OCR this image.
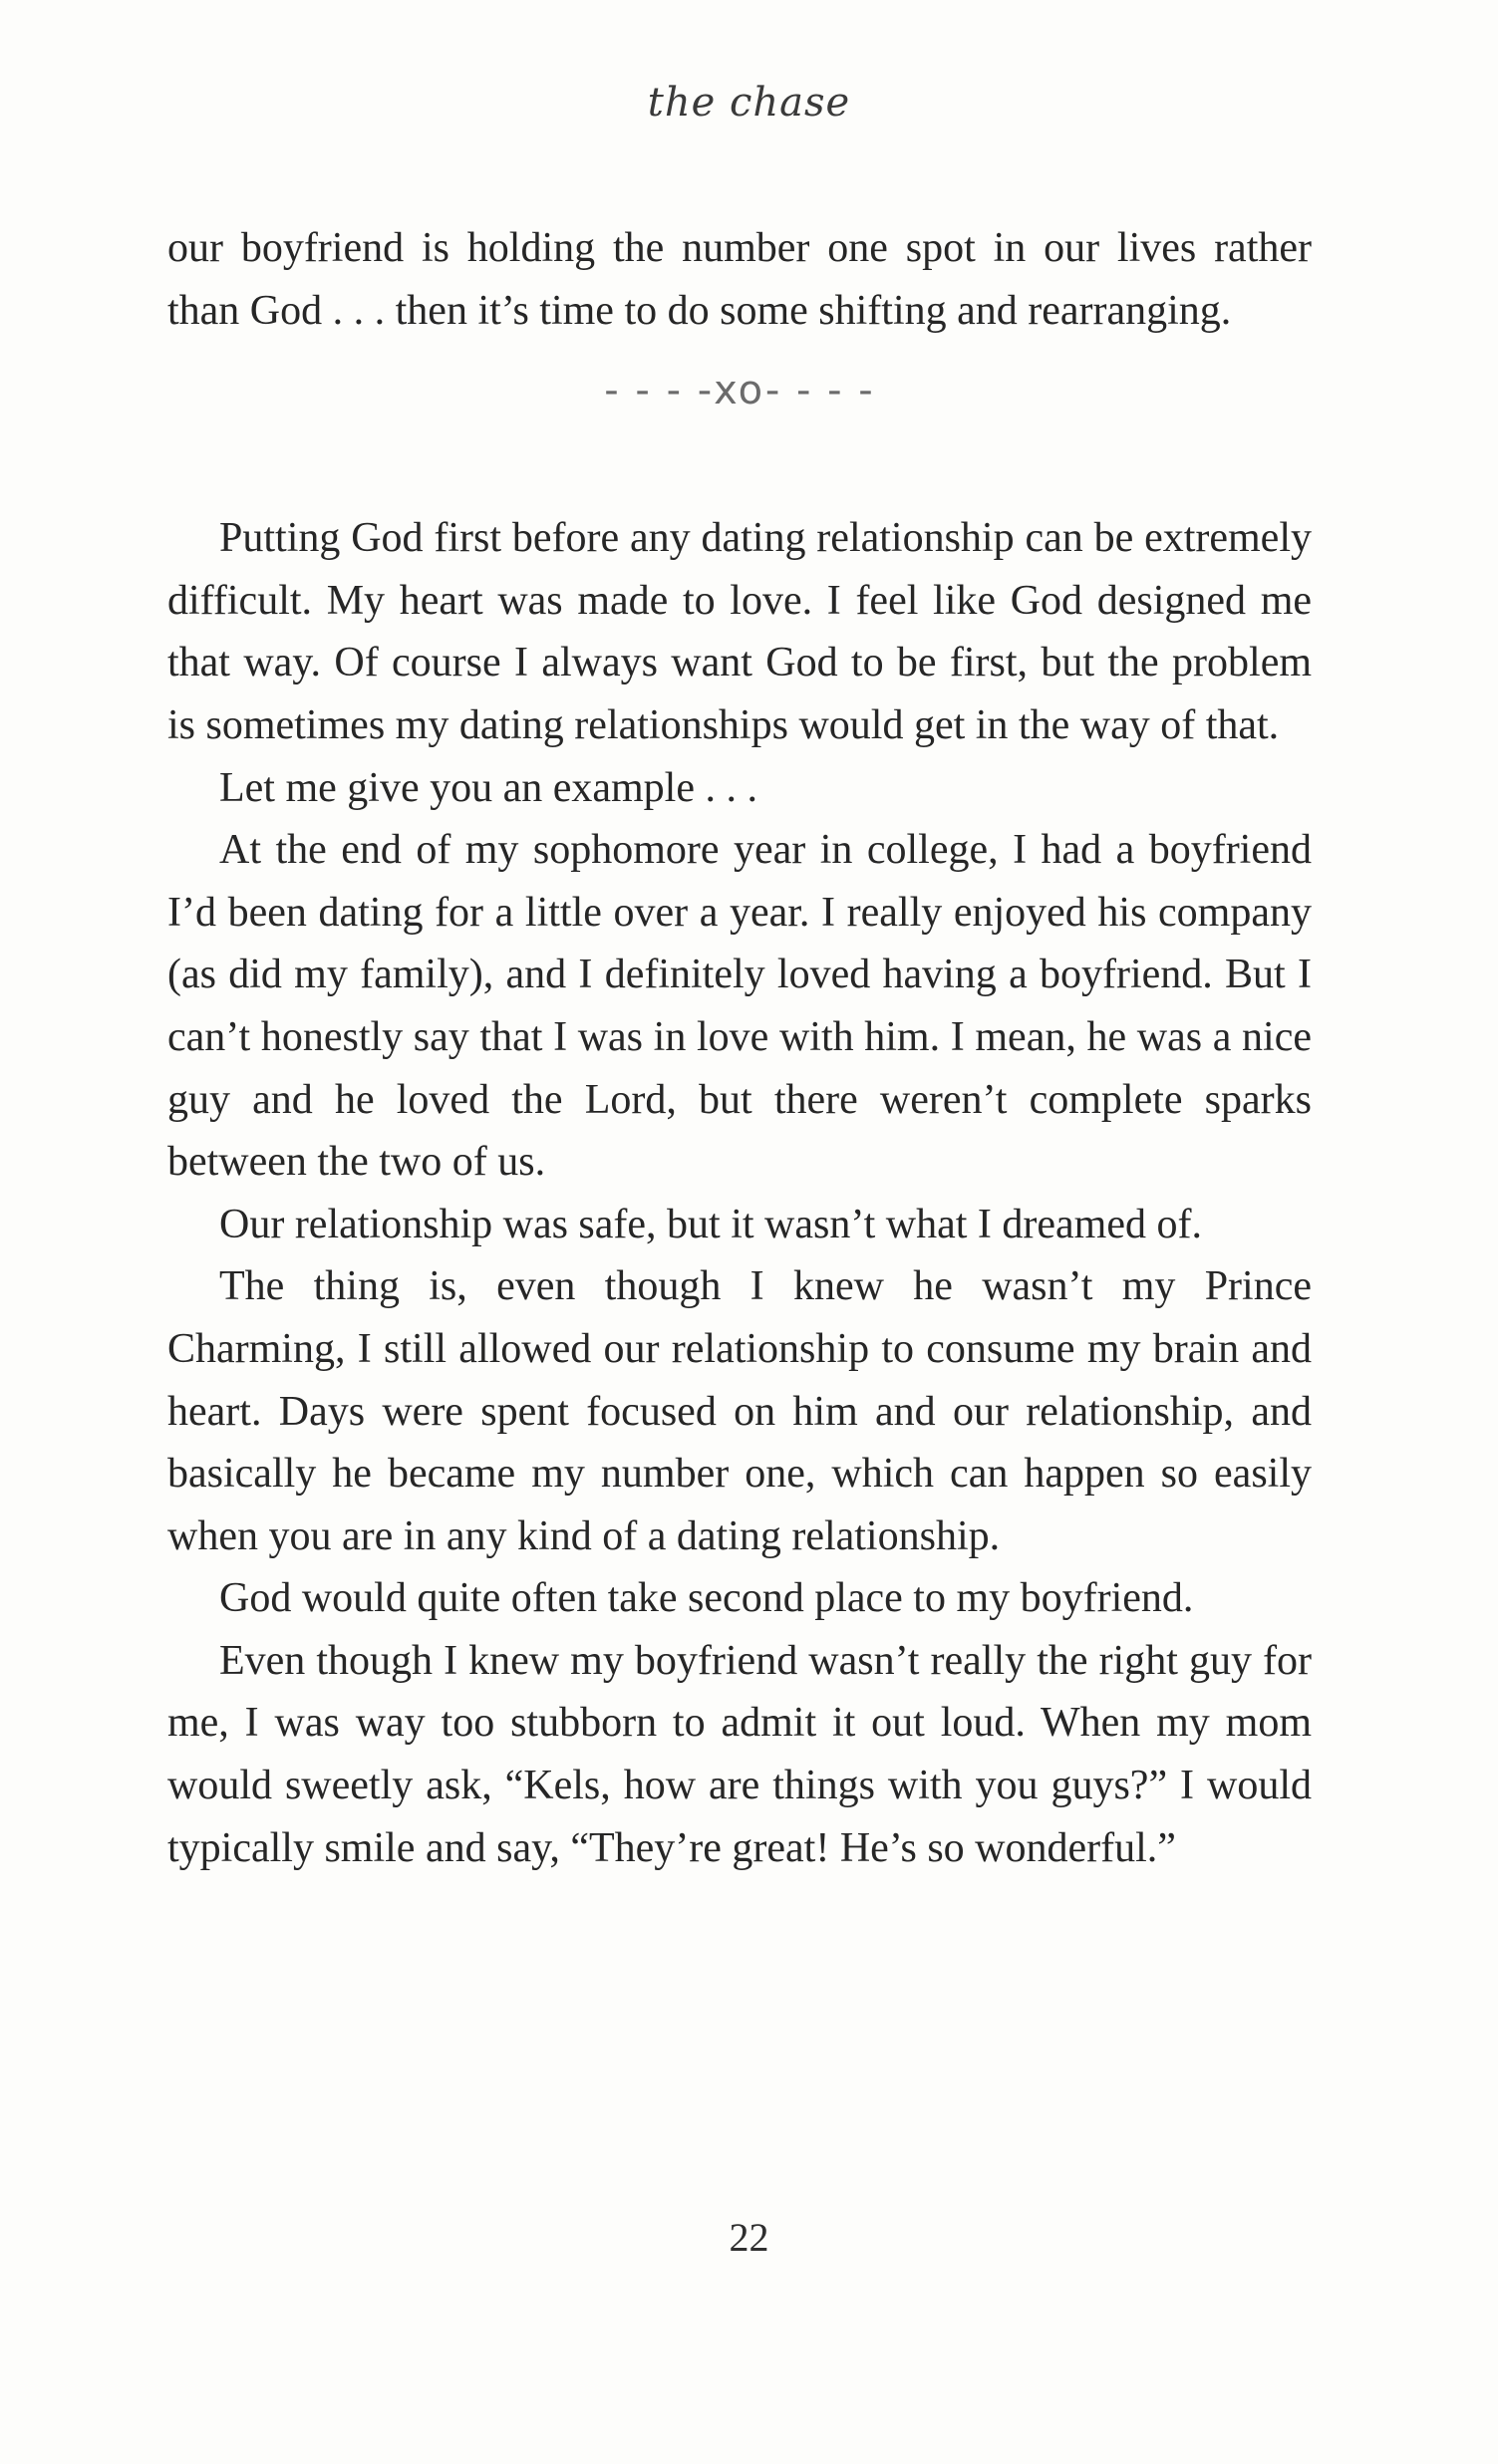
the chase

our boyfriend is holding the number one spot in our lives rather than God . . . then it’s time to do some shifting and rearranging.

- - - -xo- - - -

Putting God first before any dating relationship can be extremely difficult. My heart was made to love. I feel like God designed me that way. Of course I always want God to be first, but the problem is sometimes my dating relationships would get in the way of that.

Let me give you an example . . .

At the end of my sophomore year in college, I had a boyfriend I’d been dating for a little over a year. I really enjoyed his company (as did my family), and I definitely loved having a boyfriend. But I can’t honestly say that I was in love with him. I mean, he was a nice guy and he loved the Lord, but there weren’t complete sparks between the two of us.

Our relationship was safe, but it wasn’t what I dreamed of.

The thing is, even though I knew he wasn’t my Prince Charming, I still allowed our relationship to consume my brain and heart. Days were spent focused on him and our relationship, and basically he became my number one, which can happen so easily when you are in any kind of a dating relationship.

God would quite often take second place to my boyfriend.

Even though I knew my boyfriend wasn’t really the right guy for me, I was way too stubborn to admit it out loud. When my mom would sweetly ask, “Kels, how are things with you guys?” I would typically smile and say, “They’re great! He’s so wonderful.”

22
